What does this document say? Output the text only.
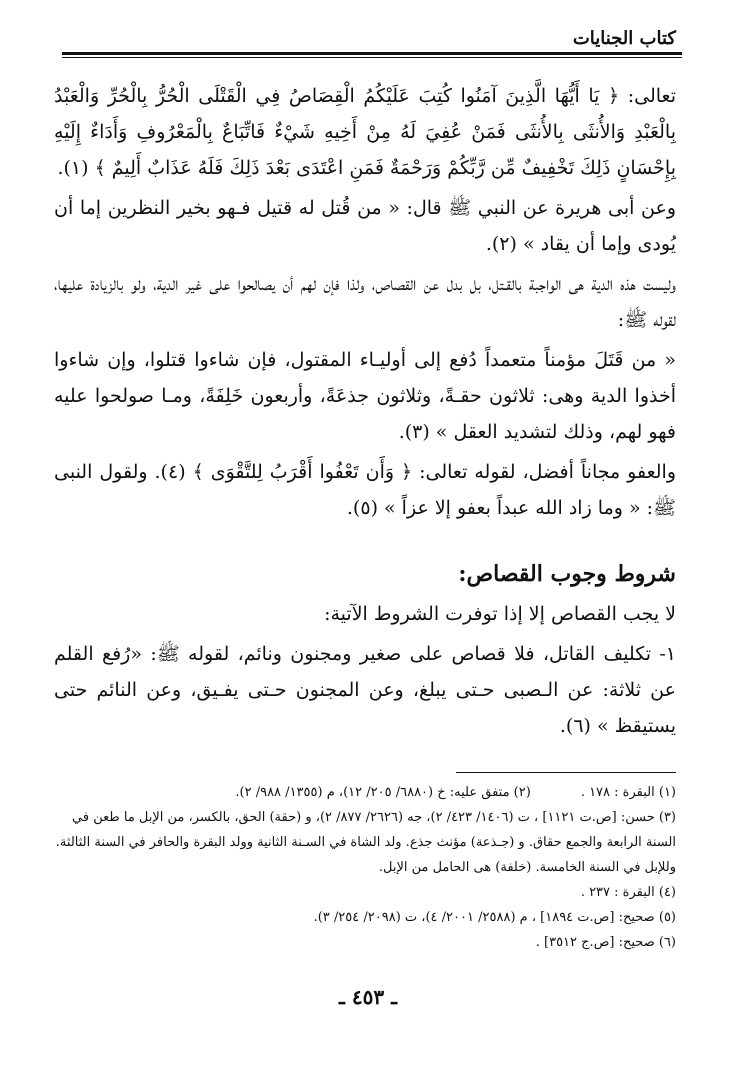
كتاب الجنايات

تعالى: ﴿ يَا أَيُّهَا الَّذِينَ آمَنُوا كُتِبَ عَلَيْكُمُ الْقِصَاصُ فِي الْقَتْلَى الْحُرُّ بِالْحُرِّ وَالْعَبْدُ بِالْعَبْدِ وَالأُنثَى بِالأُنثَى فَمَنْ عُفِيَ لَهُ مِنْ أَخِيهِ شَيْءٌ فَاتِّبَاعٌ بِالْمَعْرُوفِ وَأَدَاءٌ إِلَيْهِ بِإِحْسَانٍ ذَلِكَ تَخْفِيفٌ مِّن رَّبِّكُمْ وَرَحْمَةٌ فَمَنِ اعْتَدَى بَعْدَ ذَلِكَ فَلَهُ عَذَابٌ أَلِيمٌ ﴾ (١).

وعن أبى هريرة عن النبي ﷺ قال: « من قُتل له قتيل فـهو بخير النظرين إما أن يُودى وإما أن يقاد » (٢).

وليست هذه الدية هى الواجبة بالقـتل، بل بدل عن القصاص، ولذا فإن لهم أن يصالحوا على غير الدية، ولو بالزيادة عليها، لقوله ﷺ:

« من قَتَلَ مؤمناً متعمداً دُفع إلى أوليـاء المقتول، فإن شاءوا قتلوا، وإن شاءوا أخذوا الدية وهى: ثلاثون حقـةً، وثلاثون جذعَةً، وأربعون خَلِفَةً، ومـا صولحوا عليه فهو لهم، وذلك لتشديد العقل » (٣).

والعفو مجاناً أفضل، لقوله تعالى: ﴿ وَأَن تَعْفُوا أَقْرَبُ لِلتَّقْوَى ﴾ (٤). ولقول النبى ﷺ: « وما زاد الله عبداً بعفو إلا عزاً » (٥).

شروط وجوب القصاص:

لا يجب القصاص إلا إذا توفرت الشروط الآتية:

١- تكليف القاتل، فلا قصاص على صغير ومجنون ونائم، لقوله ﷺ: «رُفع القلم عن ثلاثة: عن الـصبى حـتى يبلغ، وعن المجنون حـتى يفـيق، وعن النائم حتى يستيقظ » (٦).

(١) البقرة : ١٧٨ .
(٢) متفق عليه: خ (٦٨٨٠/ ٢٠٥/ ١٢)، م (١٣٥٥/ ٩٨٨/ ٢).
(٣) حسن: [ص.ت ١١٢١] ، ت (١٤٠٦/ ٤٢٣/ ٢)، جه (٢٦٢٦/ ٨٧٧/ ٢)، و (حقة) الحق، بالكسر، من الإبل ما طعن في السنة الرابعة والجمع حقاق. و (جـذعة) مؤنث جذع. ولد الشاة في السـنة الثانية وولد البقرة والحافر في السنة الثالثة. وللإبل في السنة الخامسة. (خلفة) هى الحامل من الإبل.
(٤) البقرة : ٢٣٧ .
(٥) صحيح: [ص.ت ١٨٩٤] ، م (٢٥٨٨/ ٢٠٠١/ ٤)، ت (٢٠٩٨/ ٢٥٤/ ٣).
(٦) صحيح: [ص.ج ٣٥١٢] .
ـ ٤٥٣ ـ
